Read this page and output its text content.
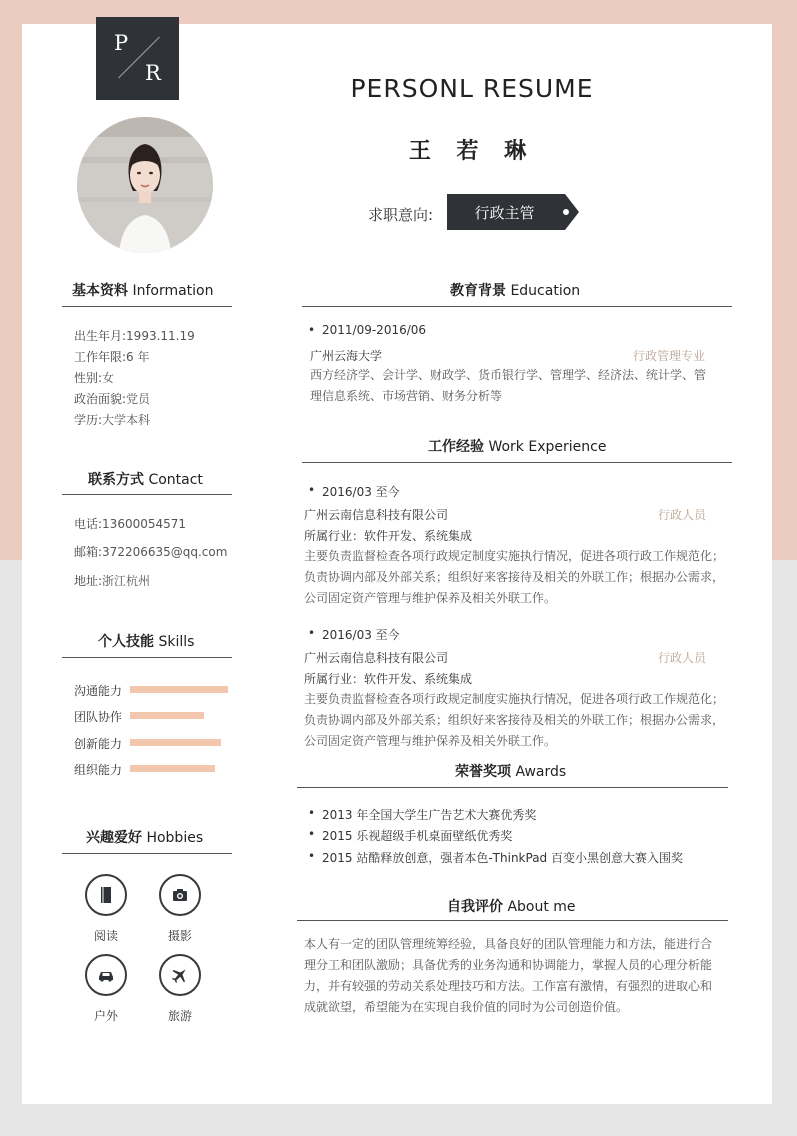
P
R
PERSONL RESUME
王 若 琳
求职意向:	行政主管
基本资料 Information
出生年月:1993.11.19
工作年限:6 年
性别:女
政治面貌:党员
学历:大学本科
联系方式 Contact
电话:13600054571
邮箱:372206635@qq.com
地址:浙江杭州
个人技能 Skills
沟通能力
团队协作
创新能力
组织能力
兴趣爱好 Hobbies
阅读	摄影
户外	旅游
教育背景 Education
• 2011/09-2016/06
广州云海大学	行政管理专业
西方经济学、会计学、财政学、货币银行学、管理学、经济法、统计学、管
理信息系统、市场营销、财务分析等
工作经验 Work Experience
• 2016/03 至今
广州云南信息科技有限公司	行政人员
所属行业：软件开发、系统集成
主要负责监督检查各项行政规定制度实施执行情况，促进各项行政工作规范化；
负责协调内部及外部关系；组织好来客接待及相关的外联工作；根据办公需求，
公司固定资产管理与维护保养及相关外联工作。
• 2016/03 至今
广州云南信息科技有限公司	行政人员
所属行业：软件开发、系统集成
主要负责监督检查各项行政规定制度实施执行情况，促进各项行政工作规范化；
负责协调内部及外部关系；组织好来客接待及相关的外联工作；根据办公需求，
公司固定资产管理与维护保养及相关外联工作。
荣誉奖项 Awards
• 2013 年全国大学生广告艺术大赛优秀奖
• 2015 乐视超级手机桌面壁纸优秀奖
• 2015 站酷释放创意，强者本色-ThinkPad 百变小黑创意大赛入围奖
自我评价 About me
本人有一定的团队管理统筹经验，具备良好的团队管理能力和方法，能进行合
理分工和团队激励；具备优秀的业务沟通和协调能力，掌握人员的心理分析能
力，并有较强的劳动关系处理技巧和方法。工作富有激情，有强烈的进取心和
成就欲望，希望能为在实现自我价值的同时为公司创造价值。
